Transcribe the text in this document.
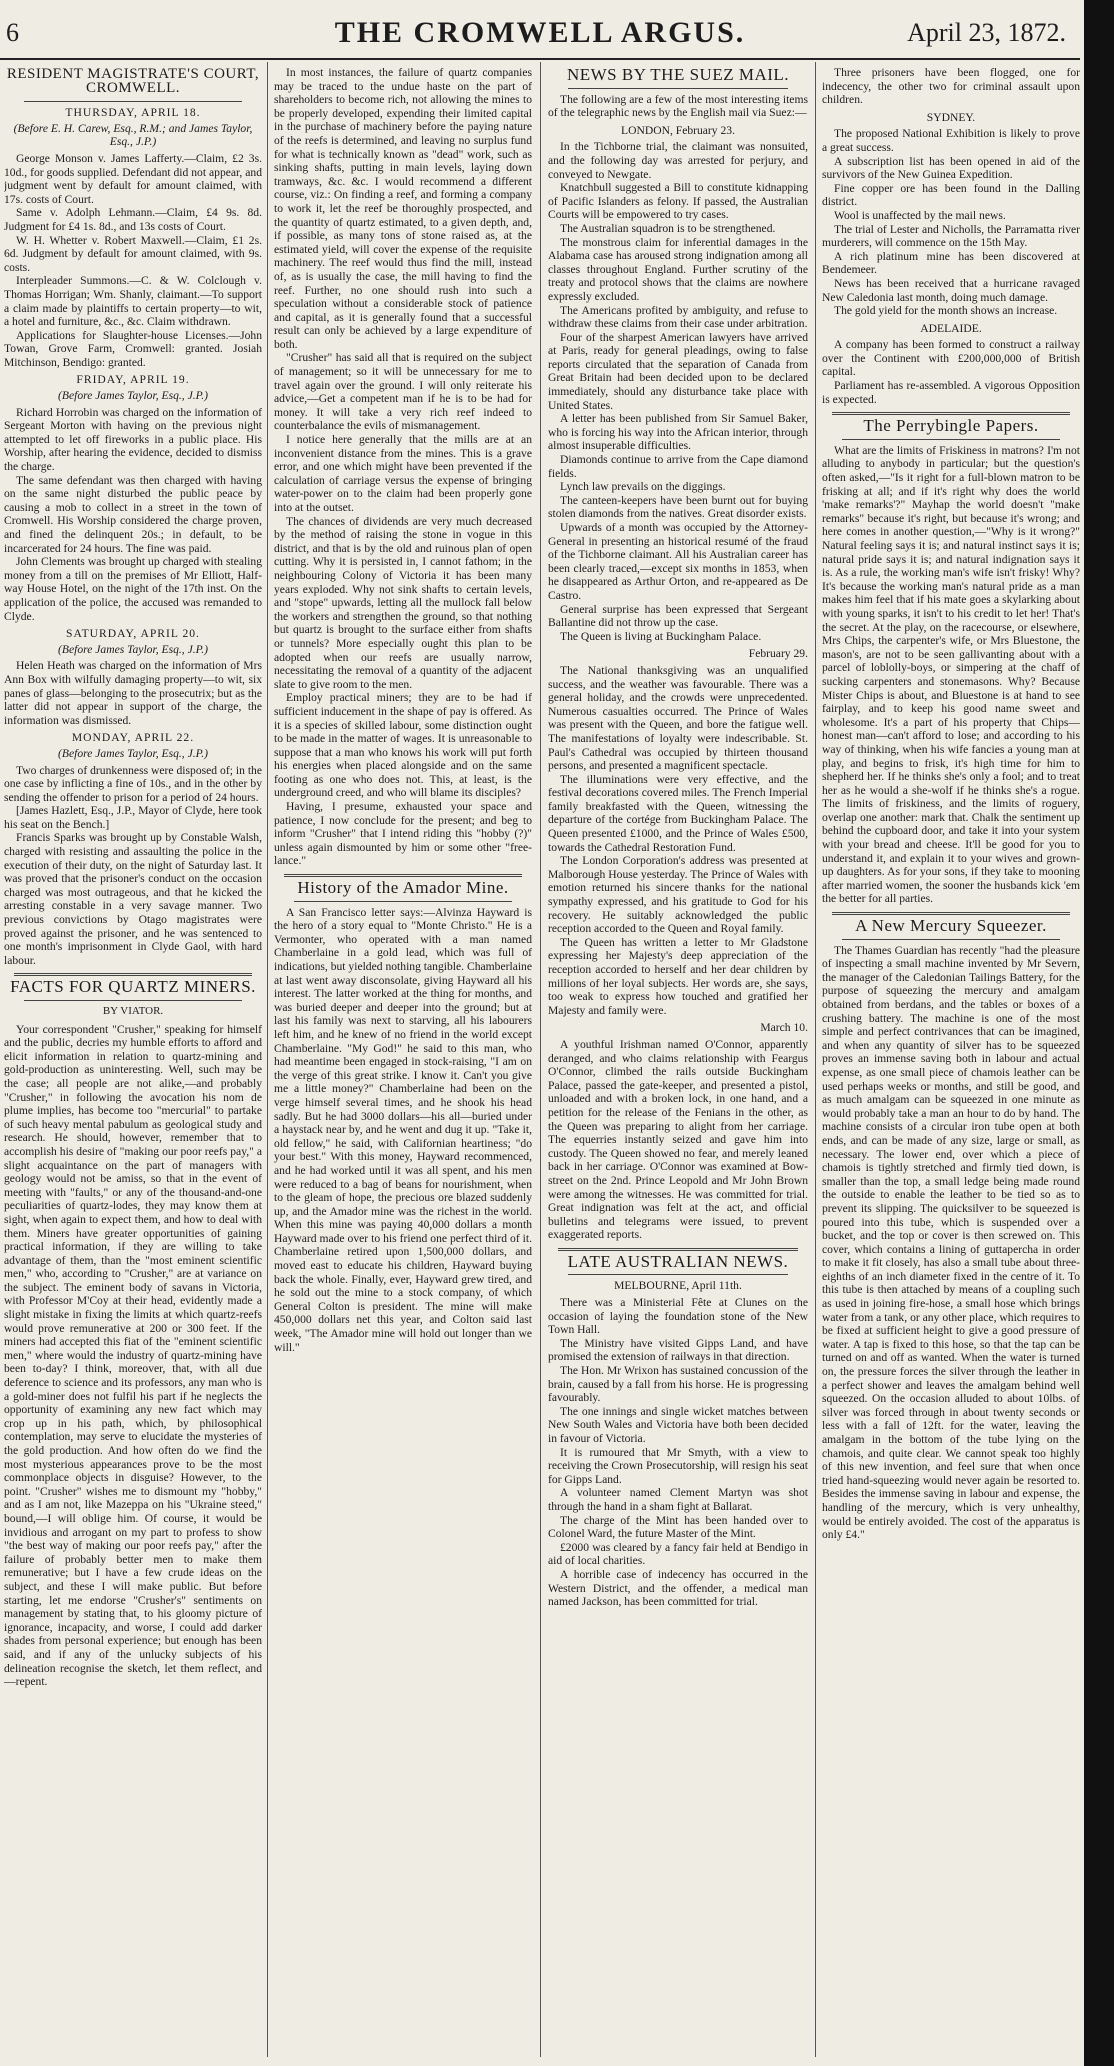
6	THE CROMWELL ARGUS.	April 23, 1872.
RESIDENT MAGISTRATE'S COURT, CROMWELL.
THURSDAY, APRIL 18.
(Before E. H. Carew, Esq., R.M.; and James Taylor, Esq., J.P.)

George Monson v. James Lafferty.—Claim, £2 3s. 10d., for goods supplied. Defendant did not appear, and judgment went by default for amount claimed, with 17s. costs of Court.

Same v. Adolph Lehmann.—Claim, £4 9s. 8d. Judgment for £4 1s. 8d., and 13s costs of Court.

W. H. Whetter v. Robert Maxwell.—Claim, £1 2s. 6d. Judgment by default for amount claimed, with 9s. costs.

Interpleader Summons.—C. & W. Colclough v. Thomas Horrigan; Wm. Shanly, claimant.—To support a claim made by plaintiffs to certain property—to wit, a hotel and furniture, &c., &c. Claim withdrawn.

Applications for Slaughter-house Licenses.—John Towan, Grove Farm, Cromwell: granted. Josiah Mitchinson, Bendigo: granted.

FRIDAY, APRIL 19.
(Before James Taylor, Esq., J.P.)

Richard Horrobin was charged on the information of Sergeant Morton with having on the previous night attempted to let off fireworks in a public place. His Worship, after hearing the evidence, decided to dismiss the charge.

The same defendant was then charged with having on the same night disturbed the public peace by causing a mob to collect in a street in the town of Cromwell. His Worship considered the charge proven, and fined the delinquent 20s.; in default, to be incarcerated for 24 hours. The fine was paid.

John Clements was brought up charged with stealing money from a till on the premises of Mr Elliott, Half-way House Hotel, on the night of the 17th inst. On the application of the police, the accused was remanded to Clyde.

SATURDAY, APRIL 20.
(Before James Taylor, Esq., J.P.)

Helen Heath was charged on the information of Mrs Ann Box with wilfully damaging property—to wit, six panes of glass—belonging to the prosecutrix; but as the latter did not appear in support of the charge, the information was dismissed.

MONDAY, APRIL 22.
(Before James Taylor, Esq., J.P.)

Two charges of drunkenness were disposed of; in the one case by inflicting a fine of 10s., and in the other by sending the offender to prison for a period of 24 hours.

[James Hazlett, Esq., J.P., Mayor of Clyde, here took his seat on the Bench.]

Francis Sparks was brought up by Constable Walsh, charged with resisting and assaulting the police in the execution of their duty, on the night of Saturday last. It was proved that the prisoner's conduct on the occasion charged was most outrageous, and that he kicked the arresting constable in a very savage manner. Two previous convictions by Otago magistrates were proved against the prisoner, and he was sentenced to one month's imprisonment in Clyde Gaol, with hard labour.

FACTS FOR QUARTZ MINERS.
BY VIATOR.

Your correspondent "Crusher," speaking for himself and the public, decries my humble efforts to afford and elicit information in relation to quartz-mining and gold-production as uninteresting. Well, such may be the case; all people are not alike,—and probably "Crusher," in following the avocation his nom de plume implies, has become too "mercurial" to partake of such heavy mental pabulum as geological study and research. He should, however, remember that to accomplish his desire of "making our poor reefs pay," a slight acquaintance on the part of managers with geology would not be amiss, so that in the event of meeting with "faults," or any of the thousand-and-one peculiarities of quartz-lodes, they may know them at sight, when again to expect them, and how to deal with them. Miners have greater opportunities of gaining practical information, if they are willing to take advantage of them, than the "most eminent scientific men," who, according to "Crusher," are at variance on the subject. The eminent body of savans in Victoria, with Professor M'Coy at their head, evidently made a slight mistake in fixing the limits at which quartz-reefs would prove remunerative at 200 or 300 feet. If the miners had accepted this fiat of the "eminent scientific men," where would the industry of quartz-mining have been to-day? I think, moreover, that, with all due deference to science and its professors, any man who is a gold-miner does not fulfil his part if he neglects the opportunity of examining any new fact which may crop up in his path, which, by philosophical contemplation, may serve to elucidate the mysteries of the gold production. And how often do we find the most mysterious appearances prove to be the most commonplace objects in disguise? However, to the point. "Crusher" wishes me to dismount my "hobby," and as I am not, like Mazeppa on his "Ukraine steed," bound,—I will oblige him. Of course, it would be invidious and arrogant on my part to profess to show "the best way of making our poor reefs pay," after the failure of probably better men to make them remunerative; but I have a few crude ideas on the subject, and these I will make public. But before starting, let me endorse "Crusher's" sentiments on management by stating that, to his gloomy picture of ignorance, incapacity, and worse, I could add darker shades from personal experience; but enough has been said, and if any of the unlucky subjects of his delineation recognise the sketch, let them reflect, and—repent.

In most instances, the failure of quartz companies may be traced to the undue haste on the part of shareholders to become rich, not allowing the mines to be properly developed, expending their limited capital in the purchase of machinery before the paying nature of the reefs is determined, and leaving no surplus fund for what is technically known as "dead" work, such as sinking shafts, putting in main levels, laying down tramways, &c. &c. I would recommend a different course, viz.: On finding a reef, and forming a company to work it, let the reef be thoroughly prospected, and the quantity of quartz estimated, to a given depth, and, if possible, as many tons of stone raised as, at the estimated yield, will cover the expense of the requisite machinery. The reef would thus find the mill, instead of, as is usually the case, the mill having to find the reef. Further, no one should rush into such a speculation without a considerable stock of patience and capital, as it is generally found that a successful result can only be achieved by a large expenditure of both.

"Crusher" has said all that is required on the subject of management; so it will be unnecessary for me to travel again over the ground. I will only reiterate his advice,—Get a competent man if he is to be had for money. It will take a very rich reef indeed to counterbalance the evils of mismanagement.

I notice here generally that the mills are at an inconvenient distance from the mines. This is a grave error, and one which might have been prevented if the calculation of carriage versus the expense of bringing water-power on to the claim had been properly gone into at the outset.

The chances of dividends are very much decreased by the method of raising the stone in vogue in this district, and that is by the old and ruinous plan of open cutting. Why it is persisted in, I cannot fathom; in the neighbouring Colony of Victoria it has been many years exploded. Why not sink shafts to certain levels, and "stope" upwards, letting all the mullock fall below the workers and strengthen the ground, so that nothing but quartz is brought to the surface either from shafts or tunnels? More especially ought this plan to be adopted when our reefs are usually narrow, necessitating the removal of a quantity of the adjacent slate to give room to the men.

Employ practical miners; they are to be had if sufficient inducement in the shape of pay is offered. As it is a species of skilled labour, some distinction ought to be made in the matter of wages. It is unreasonable to suppose that a man who knows his work will put forth his energies when placed alongside and on the same footing as one who does not. This, at least, is the underground creed, and who will blame its disciples?

Having, I presume, exhausted your space and patience, I now conclude for the present; and beg to inform "Crusher" that I intend riding this "hobby (?)" unless again dismounted by him or some other "free-lance."

History of the Amador Mine.

A San Francisco letter says:—Alvinza Hayward is the hero of a story equal to "Monte Christo." He is a Vermonter, who operated with a man named Chamberlaine in a gold lead, which was full of indications, but yielded nothing tangible. Chamberlaine at last went away disconsolate, giving Hayward all his interest. The latter worked at the thing for months, and was buried deeper and deeper into the ground; but at last his family was next to starving, all his labourers left him, and he knew of no friend in the world except Chamberlaine. "My God!" he said to this man, who had meantime been engaged in stock-raising, "I am on the verge of this great strike. I know it. Can't you give me a little money?" Chamberlaine had been on the verge himself several times, and he shook his head sadly. But he had 3000 dollars—his all—buried under a haystack near by, and he went and dug it up. "Take it, old fellow," he said, with Californian heartiness; "do your best." With this money, Hayward recommenced, and he had worked until it was all spent, and his men were reduced to a bag of beans for nourishment, when to the gleam of hope, the precious ore blazed suddenly up, and the Amador mine was the richest in the world. When this mine was paying 40,000 dollars a month Hayward made over to his friend one perfect third of it. Chamberlaine retired upon 1,500,000 dollars, and moved east to educate his children, Hayward buying back the whole. Finally, ever, Hayward grew tired, and he sold out the mine to a stock company, of which General Colton is president. The mine will make 450,000 dollars net this year, and Colton said last week, "The Amador mine will hold out longer than we will."

NEWS BY THE SUEZ MAIL.

The following are a few of the most interesting items of the telegraphic news by the English mail via Suez:—

LONDON, February 23.

In the Tichborne trial, the claimant was nonsuited, and the following day was arrested for perjury, and conveyed to Newgate.

Knatchbull suggested a Bill to constitute kidnapping of Pacific Islanders as felony. If passed, the Australian Courts will be empowered to try cases.

The Australian squadron is to be strengthened.

The monstrous claim for inferential damages in the Alabama case has aroused strong indignation among all classes throughout England. Further scrutiny of the treaty and protocol shows that the claims are nowhere expressly excluded.

The Americans profited by ambiguity, and refuse to withdraw these claims from their case under arbitration.

Four of the sharpest American lawyers have arrived at Paris, ready for general pleadings, owing to false reports circulated that the separation of Canada from Great Britain had been decided upon to be declared immediately, should any disturbance take place with United States.

A letter has been published from Sir Samuel Baker, who is forcing his way into the African interior, through almost insuperable difficulties.

Diamonds continue to arrive from the Cape diamond fields.

Lynch law prevails on the diggings.

The canteen-keepers have been burnt out for buying stolen diamonds from the natives. Great disorder exists.

Upwards of a month was occupied by the Attorney-General in presenting an historical resumé of the fraud of the Tichborne claimant. All his Australian career has been clearly traced,—except six months in 1853, when he disappeared as Arthur Orton, and re-appeared as De Castro.

General surprise has been expressed that Sergeant Ballantine did not throw up the case.

The Queen is living at Buckingham Palace.

February 29.

The National thanksgiving was an unqualified success, and the weather was favourable. There was a general holiday, and the crowds were unprecedented. Numerous casualties occurred. The Prince of Wales was present with the Queen, and bore the fatigue well. The manifestations of loyalty were indescribable. St. Paul's Cathedral was occupied by thirteen thousand persons, and presented a magnificent spectacle.

The illuminations were very effective, and the festival decorations covered miles. The French Imperial family breakfasted with the Queen, witnessing the departure of the cortége from Buckingham Palace. The Queen presented £1000, and the Prince of Wales £500, towards the Cathedral Restoration Fund.

The London Corporation's address was presented at Malborough House yesterday. The Prince of Wales with emotion returned his sincere thanks for the national sympathy expressed, and his gratitude to God for his recovery. He suitably acknowledged the public reception accorded to the Queen and Royal family.

The Queen has written a letter to Mr Gladstone expressing her Majesty's deep appreciation of the reception accorded to herself and her dear children by millions of her loyal subjects. Her words are, she says, too weak to express how touched and gratified her Majesty and family were.

March 10.

A youthful Irishman named O'Connor, apparently deranged, and who claims relationship with Feargus O'Connor, climbed the rails outside Buckingham Palace, passed the gate-keeper, and presented a pistol, unloaded and with a broken lock, in one hand, and a petition for the release of the Fenians in the other, as the Queen was preparing to alight from her carriage. The equerries instantly seized and gave him into custody. The Queen showed no fear, and merely leaned back in her carriage. O'Connor was examined at Bow-street on the 2nd. Prince Leopold and Mr John Brown were among the witnesses. He was committed for trial. Great indignation was felt at the act, and official bulletins and telegrams were issued, to prevent exaggerated reports.

LATE AUSTRALIAN NEWS.
MELBOURNE, April 11th.

There was a Ministerial Fête at Clunes on the occasion of laying the foundation stone of the New Town Hall.

The Ministry have visited Gipps Land, and have promised the extension of railways in that direction.

The Hon. Mr Wrixon has sustained concussion of the brain, caused by a fall from his horse. He is progressing favourably.

The one innings and single wicket matches between New South Wales and Victoria have both been decided in favour of Victoria.

It is rumoured that Mr Smyth, with a view to receiving the Crown Prosecutorship, will resign his seat for Gipps Land.

A volunteer named Clement Martyn was shot through the hand in a sham fight at Ballarat.

The charge of the Mint has been handed over to Colonel Ward, the future Master of the Mint.

£2000 was cleared by a fancy fair held at Bendigo in aid of local charities.

A horrible case of indecency has occurred in the Western District, and the offender, a medical man named Jackson, has been committed for trial.

Three prisoners have been flogged, one for indecency, the other two for criminal assault upon children.

SYDNEY.

The proposed National Exhibition is likely to prove a great success.

A subscription list has been opened in aid of the survivors of the New Guinea Expedition.

Fine copper ore has been found in the Dalling district.

Wool is unaffected by the mail news.

The trial of Lester and Nicholls, the Parramatta river murderers, will commence on the 15th May.

A rich platinum mine has been discovered at Bendemeer.

News has been received that a hurricane ravaged New Caledonia last month, doing much damage.

The gold yield for the month shows an increase.

ADELAIDE.

A company has been formed to construct a railway over the Continent with £200,000,000 of British capital.

Parliament has re-assembled. A vigorous Opposition is expected.

The Perrybingle Papers.

What are the limits of Friskiness in matrons? I'm not alluding to anybody in particular; but the question's often asked,—"Is it right for a full-blown matron to be frisking at all; and if it's right why does the world 'make remarks'?" Mayhap the world doesn't "make remarks" because it's right, but because it's wrong; and here comes in another question,—"Why is it wrong?" Natural feeling says it is; and natural instinct says it is; natural pride says it is; and natural indignation says it is. As a rule, the working man's wife isn't frisky! Why? It's because the working man's natural pride as a man makes him feel that if his mate goes a skylarking about with young sparks, it isn't to his credit to let her! That's the secret. At the play, on the racecourse, or elsewhere, Mrs Chips, the carpenter's wife, or Mrs Bluestone, the mason's, are not to be seen gallivanting about with a parcel of loblolly-boys, or simpering at the chaff of sucking carpenters and stonemasons. Why? Because Mister Chips is about, and Bluestone is at hand to see fairplay, and to keep his good name sweet and wholesome. It's a part of his property that Chips—honest man—can't afford to lose; and according to his way of thinking, when his wife fancies a young man at play, and begins to frisk, it's high time for him to shepherd her. If he thinks she's only a fool; and to treat her as he would a she-wolf if he thinks she's a rogue. The limits of friskiness, and the limits of roguery, overlap one another: mark that. Chalk the sentiment up behind the cupboard door, and take it into your system with your bread and cheese. It'll be good for you to understand it, and explain it to your wives and grown-up daughters. As for your sons, if they take to mooning after married women, the sooner the husbands kick 'em the better for all parties.

A New Mercury Squeezer.

The Thames Guardian has recently "had the pleasure of inspecting a small machine invented by Mr Severn, the manager of the Caledonian Tailings Battery, for the purpose of squeezing the mercury and amalgam obtained from berdans, and the tables or boxes of a crushing battery. The machine is one of the most simple and perfect contrivances that can be imagined, and when any quantity of silver has to be squeezed proves an immense saving both in labour and actual expense, as one small piece of chamois leather can be used perhaps weeks or months, and still be good, and as much amalgam can be squeezed in one minute as would probably take a man an hour to do by hand. The machine consists of a circular iron tube open at both ends, and can be made of any size, large or small, as necessary. The lower end, over which a piece of chamois is tightly stretched and firmly tied down, is smaller than the top, a small ledge being made round the outside to enable the leather to be tied so as to prevent its slipping. The quicksilver to be squeezed is poured into this tube, which is suspended over a bucket, and the top or cover is then screwed on. This cover, which contains a lining of guttapercha in order to make it fit closely, has also a small tube about three-eighths of an inch diameter fixed in the centre of it. To this tube is then attached by means of a coupling such as used in joining fire-hose, a small hose which brings water from a tank, or any other place, which requires to be fixed at sufficient height to give a good pressure of water. A tap is fixed to this hose, so that the tap can be turned on and off as wanted. When the water is turned on, the pressure forces the silver through the leather in a perfect shower and leaves the amalgam behind well squeezed. On the occasion alluded to about 10lbs. of silver was forced through in about twenty seconds or less with a fall of 12ft. for the water, leaving the amalgam in the bottom of the tube lying on the chamois, and quite clear. We cannot speak too highly of this new invention, and feel sure that when once tried hand-squeezing would never again be resorted to. Besides the immense saving in labour and expense, the handling of the mercury, which is very unhealthy, would be entirely avoided. The cost of the apparatus is only £4."
